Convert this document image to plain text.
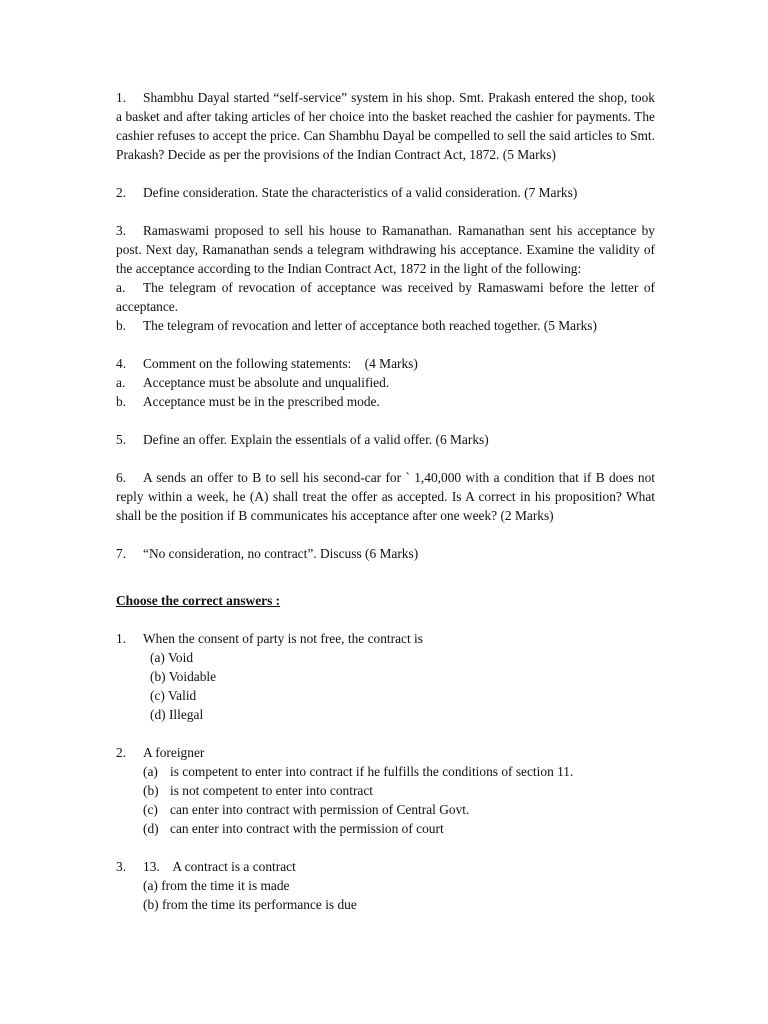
1. Shambhu Dayal started “self-service” system in his shop. Smt. Prakash entered the shop, took a basket and after taking articles of her choice into the basket reached the cashier for payments. The cashier refuses to accept the price. Can Shambhu Dayal be compelled to sell the said articles to Smt. Prakash? Decide as per the provisions of the Indian Contract Act, 1872. (5 Marks)

2. Define consideration. State the characteristics of a valid consideration. (7 Marks)

3. Ramaswami proposed to sell his house to Ramanathan. Ramanathan sent his acceptance by post. Next day, Ramanathan sends a telegram withdrawing his acceptance. Examine the validity of the acceptance according to the Indian Contract Act, 1872 in the light of the following:

a. The telegram of revocation of acceptance was received by Ramaswami before the letter of acceptance.

b. The telegram of revocation and letter of acceptance both reached together. (5 Marks)

4. Comment on the following statements:    (4 Marks)

a. Acceptance must be absolute and unqualified.

b. Acceptance must be in the prescribed mode.

5. Define an offer. Explain the essentials of a valid offer. (6 Marks)

6. A sends an offer to B to sell his second-car for ` 1,40,000 with a condition that if B does not reply within a week, he (A) shall treat the offer as accepted. Is A correct in his proposition? What shall be the position if B communicates his acceptance after one week? (2 Marks)

7. “No consideration, no contract”. Discuss (6 Marks)

Choose the correct answers :

1. When the consent of party is not free, the contract is

(a) Void

(b) Voidable

(c) Valid

(d) Illegal

2. A foreigner

(a) is competent to enter into contract if he fulfills the conditions of section 11.

(b) is not competent to enter into contract

(c) can enter into contract with permission of Central Govt.

(d) can enter into contract with the permission of court

3. 13.    A contract is a contract

(a) from the time it is made

(b) from the time its performance is due
